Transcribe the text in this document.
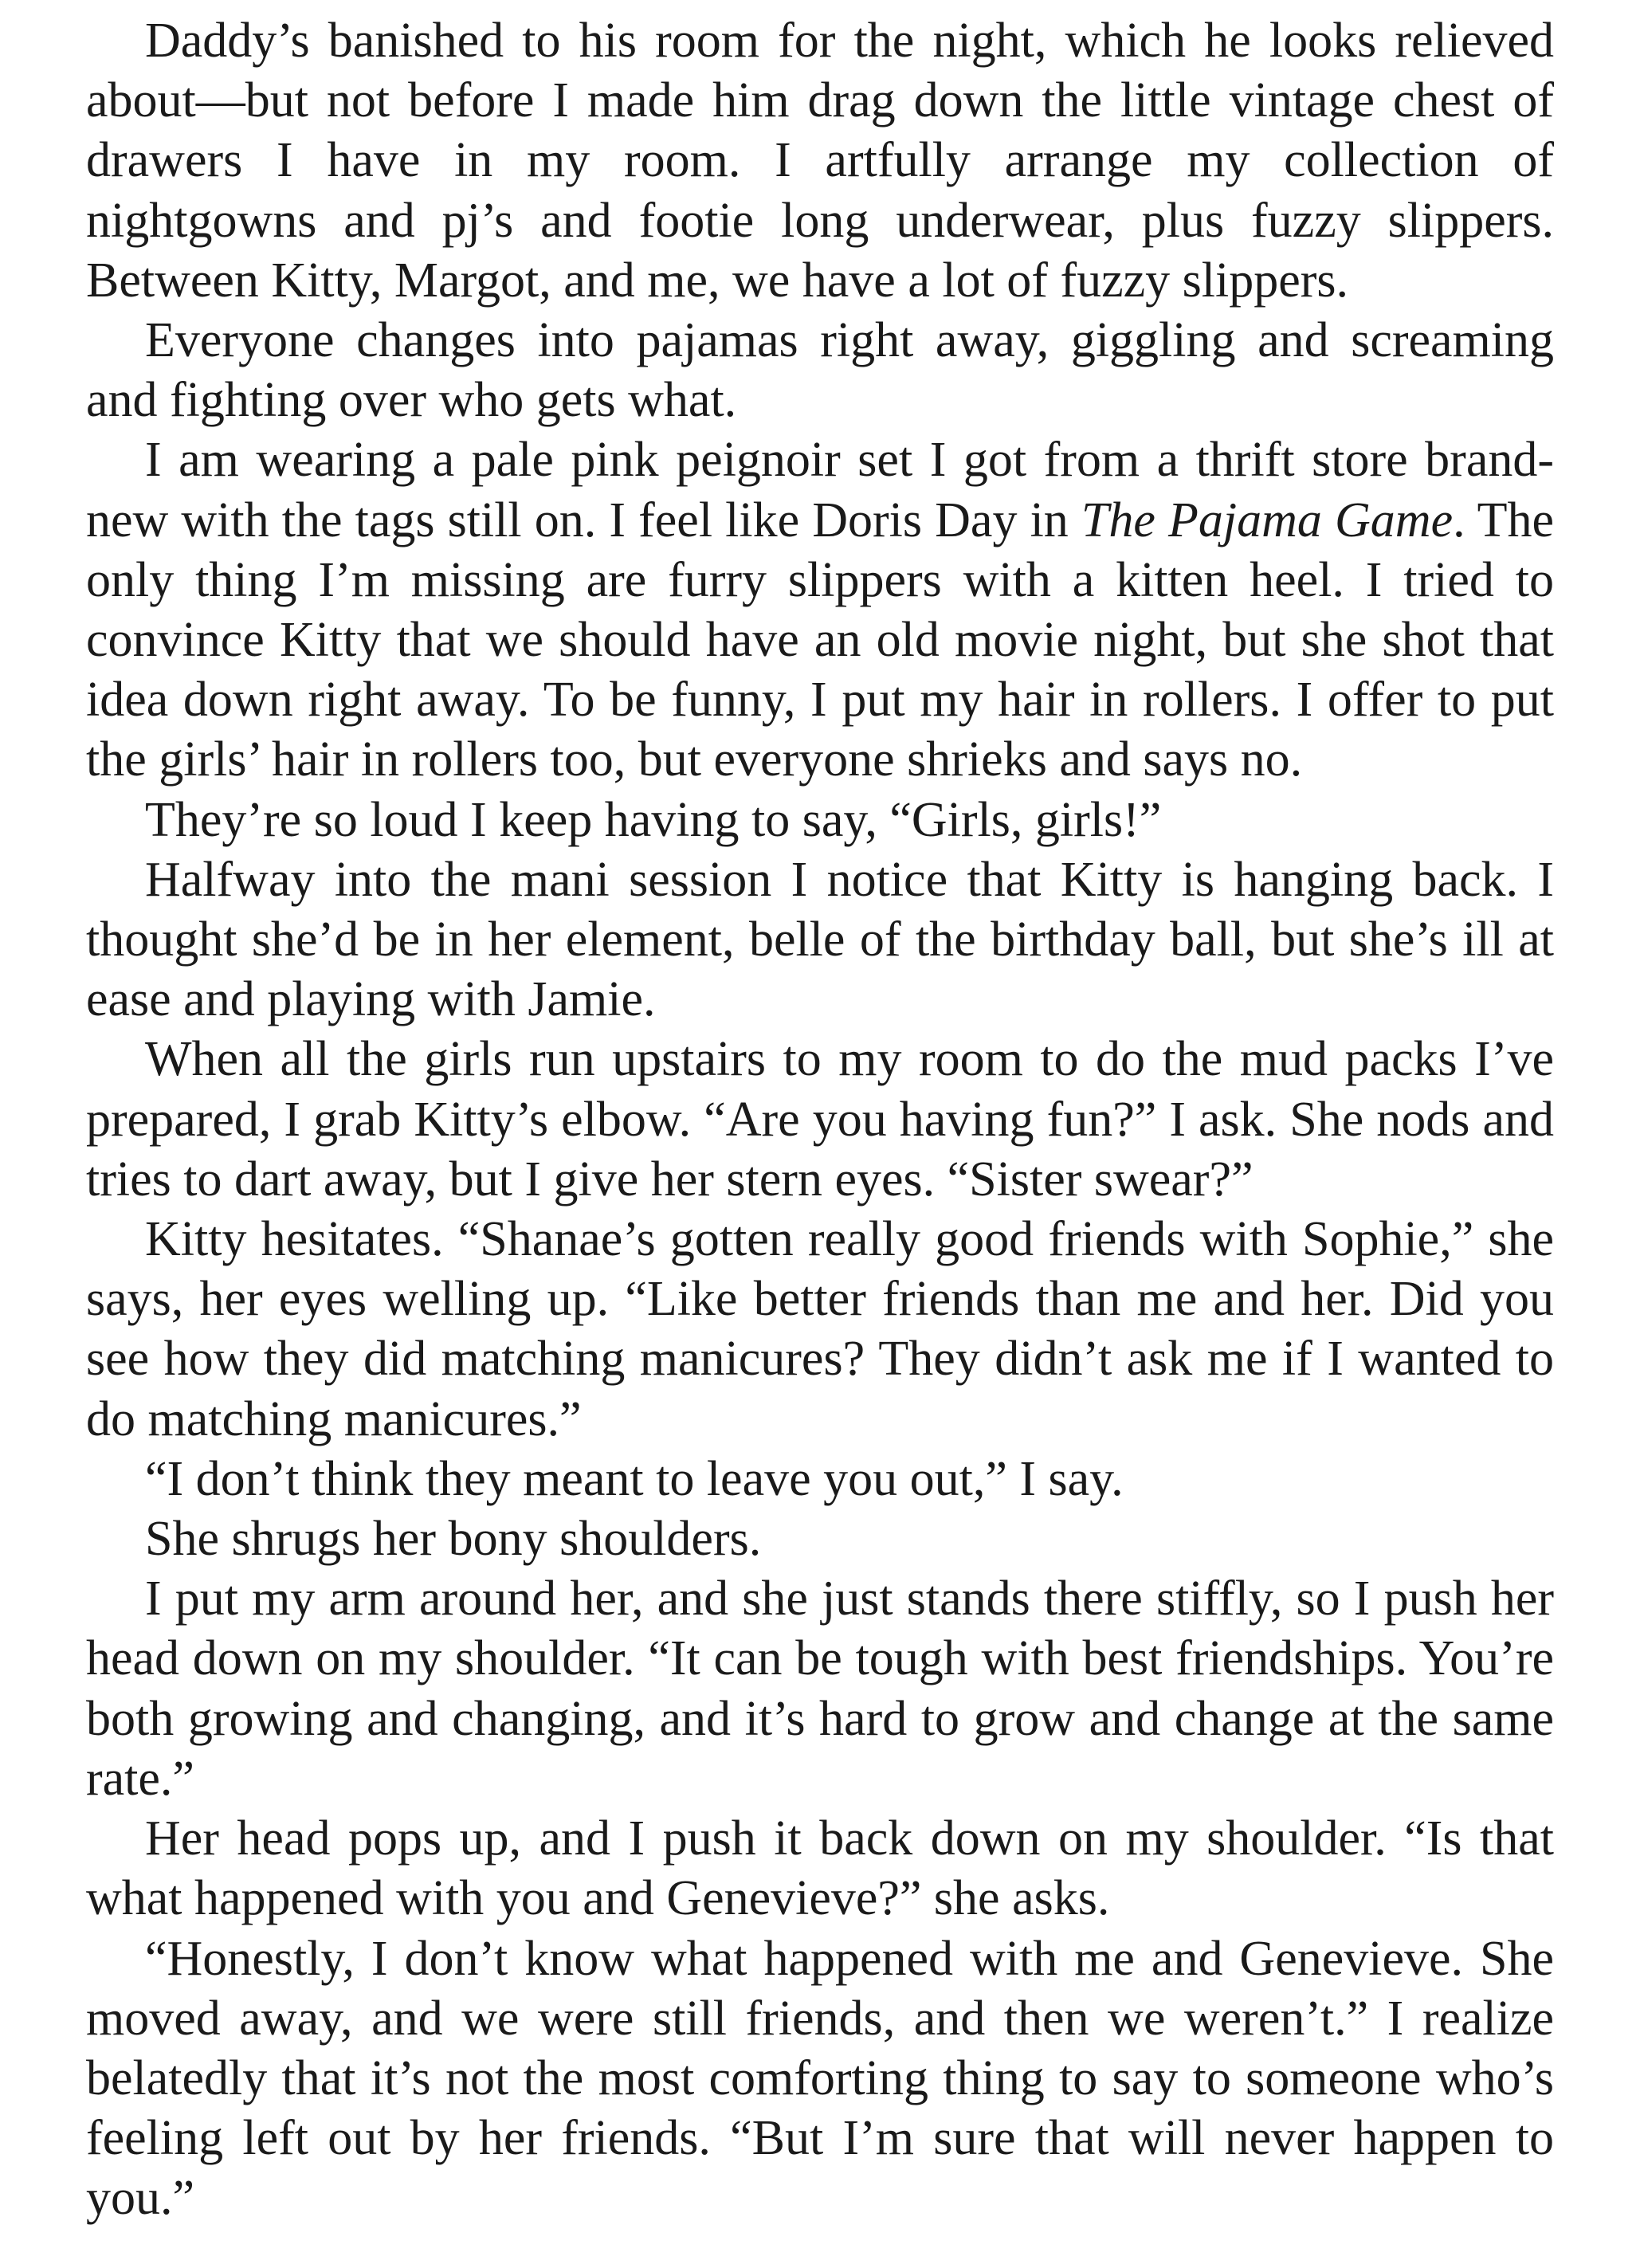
Daddy’s banished to his room for the night, which he looks relieved about—but not before I made him drag down the little vintage chest of drawers I have in my room. I artfully arrange my collection of nightgowns and pj’s and footie long underwear, plus fuzzy slippers. Between Kitty, Margot, and me, we have a lot of fuzzy slippers.

Everyone changes into pajamas right away, giggling and screaming and fighting over who gets what.

I am wearing a pale pink peignoir set I got from a thrift store brand-new with the tags still on. I feel like Doris Day in The Pajama Game. The only thing I’m missing are furry slippers with a kitten heel. I tried to convince Kitty that we should have an old movie night, but she shot that idea down right away. To be funny, I put my hair in rollers. I offer to put the girls’ hair in rollers too, but everyone shrieks and says no.

They’re so loud I keep having to say, “Girls, girls!”

Halfway into the mani session I notice that Kitty is hanging back. I thought she’d be in her element, belle of the birthday ball, but she’s ill at ease and playing with Jamie.

When all the girls run upstairs to my room to do the mud packs I’ve prepared, I grab Kitty’s elbow. “Are you having fun?” I ask. She nods and tries to dart away, but I give her stern eyes. “Sister swear?”

Kitty hesitates. “Shanae’s gotten really good friends with Sophie,” she says, her eyes welling up. “Like better friends than me and her. Did you see how they did matching manicures? They didn’t ask me if I wanted to do matching manicures.”

“I don’t think they meant to leave you out,” I say.

She shrugs her bony shoulders.

I put my arm around her, and she just stands there stiffly, so I push her head down on my shoulder. “It can be tough with best friendships. You’re both growing and changing, and it’s hard to grow and change at the same rate.”

Her head pops up, and I push it back down on my shoulder. “Is that what happened with you and Genevieve?” she asks.

“Honestly, I don’t know what happened with me and Genevieve. She moved away, and we were still friends, and then we weren’t.” I realize belatedly that it’s not the most comforting thing to say to someone who’s feeling left out by her friends. “But I’m sure that will never happen to you.”
